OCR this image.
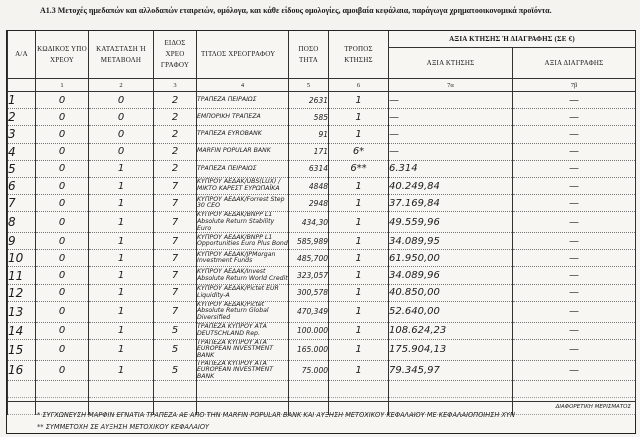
Α1.3 Μετοχές ημεδαπών και αλλοδαπών εταιρειών, ομόλογα, και κάθε είδους ομολογίες, αμοιβαία κεφάλαια, παράγωγα χρηματοοικονομικά προϊόντα.
Α/Α	ΚΩΔΙΚΟΣ ΥΠΟ ΧΡΕΟΥ	ΚΑΤΑΣΤΑΣΗ Ή ΜΕΤΑΒΟΛΗ	ΕΙΔΟΣ ΧΡΕΟ ΓΡΑΦΟΥ	ΤΙΤΛΟΣ ΧΡΕΟΓΡΑΦΟΥ	ΠΟΣΟ ΤΗΤΑ	ΤΡΟΠΟΣ ΚΤΗΣΗΣ	ΑΞΙΑ ΚΤΗΣΗΣ Ή ΔΙΑΓΡΑΦΗΣ (ΣΕ €)	
							ΑΞΙΑ ΚΤΗΣΗΣ	ΑΞΙΑ ΔΙΑΓΡΑΦΗΣ
	1	2	3	4	5	6	7α	7β
1	0	0	2	ΤΡΑΠΕΖΑ ΠΕΙΡΑΙΩΣ	2631	1	—	—
2	0	0	2	ΕΜΠΟΡΙΚΗ ΤΡΑΠΕΖΑ	585	1	—	—
3	0	0	2	ΤΡΑΠΕΖΑ EYROBANK	91	1	—	—
4	0	0	2	MARFIN POPULAR BANK	171	6*	—	—
5	0	1	2	ΤΡΑΠΕΖΑ ΠΕΙΡΑΙΩΣ	6314	6**	6.314	—
6	0	1	7	ΚΥΠΡΟΥ ΑΕΔΑΚ/UBS(LUX) / ΜΙΚΤΟ ΚΑΡΕΣΤ ΕΥΡΩΠΑΪΚΑ	4848	1	40.249,84	—
7	0	1	7	ΚΥΠΡΟΥ ΑΕΔΑΚ/Forrest Step 30 CEO	2948	1	37.169,84	—
8	0	1	7	ΚΥΠΡΟΥ ΑΕΔΑΚ/BNPP L1 Absolute Return Stability Euro	434,30	1	49.559,96	—
9	0	1	7	ΚΥΠΡΟΥ ΑΕΔΑΚ/BNPP L1 Opportunities Euro Plus Bond	585,989	1	34.089,95	—
10	0	1	7	ΚΥΠΡΟΥ ΑΕΔΑΚ/JPMorgan Investment Funds	485,700	1	61.950,00	—
11	0	1	7	ΚΥΠΡΟΥ ΑΕΔΑΚ/Invest Absolute Return World Credit	323,057	1	34.089,96	—
12	0	1	7	ΚΥΠΡΟΥ ΑΕΔΑΚ/Pictet EUR Liquidity-A	300,578	1	40.850,00	—
13	0	1	7	ΚΥΠΡΟΥ ΑΕΔΑΚ/Pictet Absolute Return Global Diversified	470,349	1	52.640,00	—
14	0	1	5	ΤΡΑΠΕΖΑ ΚΥΠΡΟΥ ΑΤΑ DEUTSCHLAND Rep.	100.000	1	108.624,23	—
15	0	1	5	ΤΡΑΠΕΖΑ ΚΥΠΡΟΥ ΑΤΑ EUROPEAN INVESTMENT BANK	165.000	1	175.904,13	—
16	0	1	5	ΤΡΑΠΕΖΑ ΚΥΠΡΟΥ ΑΤΑ EUROPEAN INVESTMENT BANK	75.000	1	79.345,97	—

ΔΙΑΦΟΡΕΤΙΚΗ ΜΕΡΙΣΜΑΤΟΣ
* ΣΥΓΧΩΝΕΥΣΗ ΜΑΡΦΙΝ ΕΓΝΑΤΙΑ ΤΡΑΠΕΖΑ ΑΕ ΑΠΟ ΤΗΝ MARFIN POPULAR BANK ΚΑΙ ΑΥΞΗΣΗ ΜΕΤΟΧΙΚΟΥ ΚΕΦΑΛΑΙΟΥ ΜΕ ΚΕΦΑΛΑΙΟΠΟΙΗΣΗ ΧΥΝ
** ΣΥΜΜΕΤΟΧΗ ΣΕ ΑΥΞΗΣΗ ΜΕΤΟΧΙΚΟΥ ΚΕΦΑΛΑΙΟΥ
